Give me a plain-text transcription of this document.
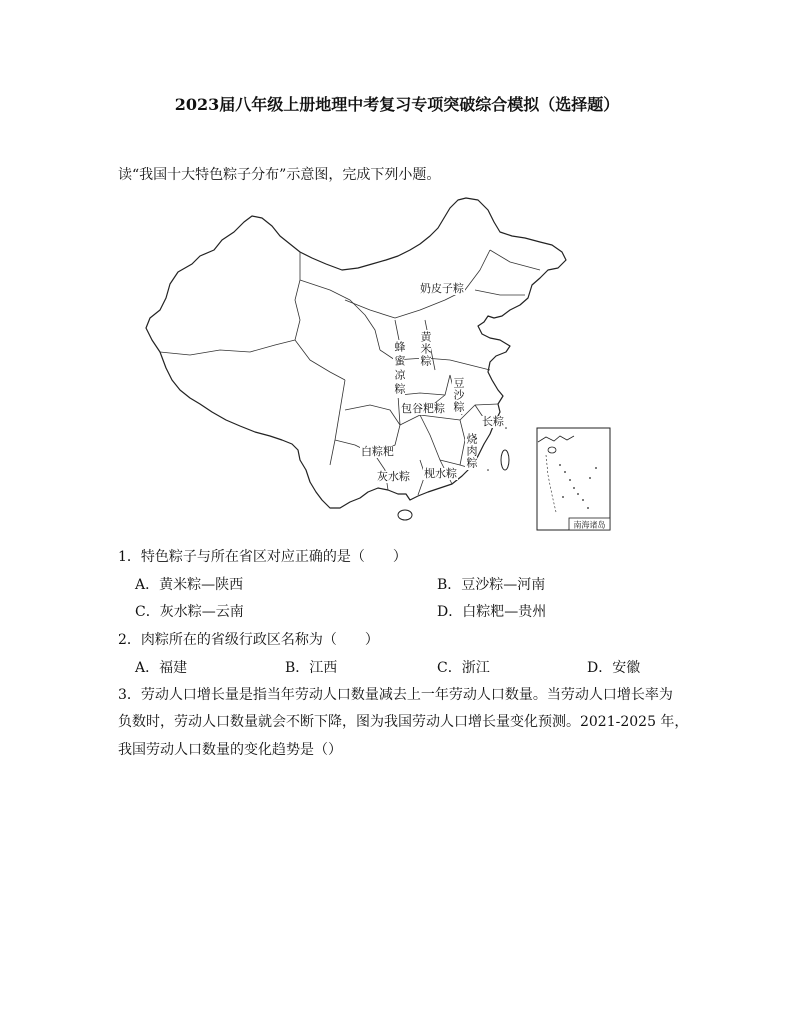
2023届八年级上册地理中考复习专项突破综合模拟（选择题）
读“我国十大特色粽子分布”示意图，完成下列小题。
南海诸岛
奶皮子粽
黄米粽
蜂蜜凉粽	豆沙粽
包谷粑粽
长粽
烧肉粽
白粽粑
灰水粽 枧水粽
1．特色粽子与所在省区对应正确的是（　　）
A．黄米粽—陕西	B．豆沙粽—河南
C．灰水粽—云南	D．白粽粑—贵州
2．肉粽所在的省级行政区名称为（　　）
A．福建	B．江西	C．浙江	D．安徽
3．劳动人口增长量是指当年劳动人口数量减去上一年劳动人口数量。当劳动人口增长率为
负数时，劳动人口数量就会不断下降，图为我国劳动人口增长量变化预测。2021-2025 年，
我国劳动人口数量的变化趋势是（）
